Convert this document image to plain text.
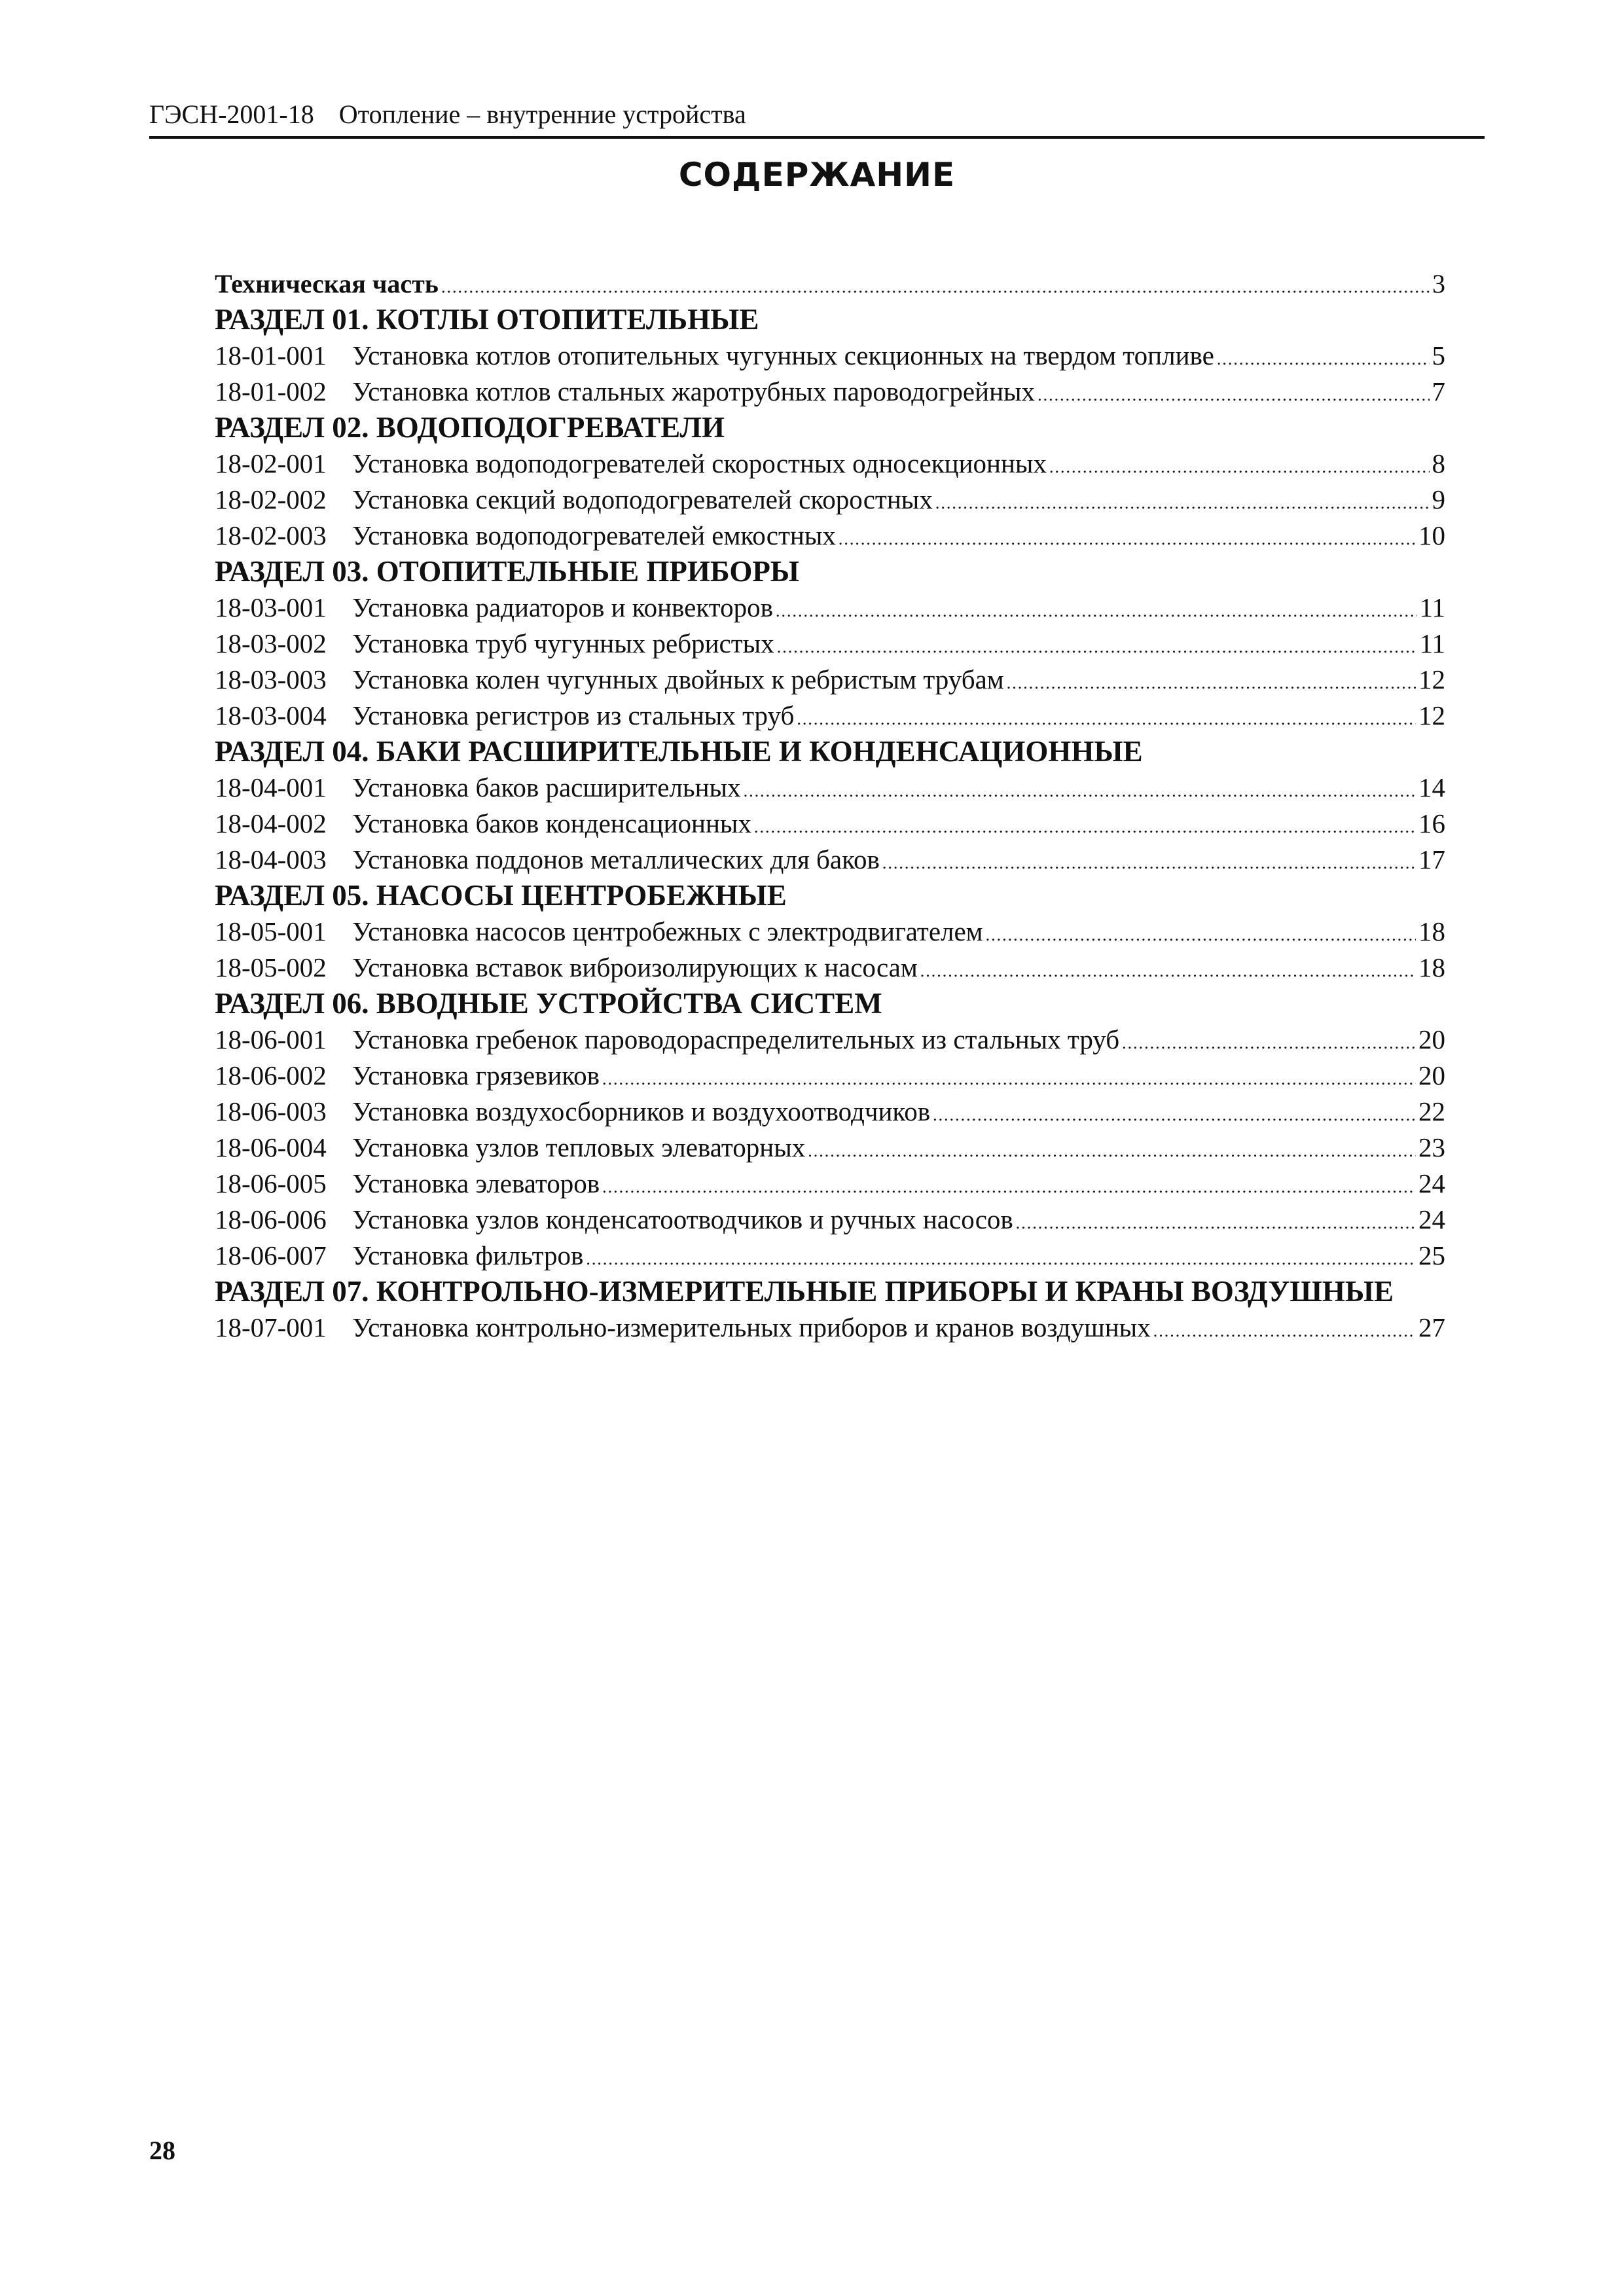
ГЭСН-2001-18 Отопление – внутренние устройства
СОДЕРЖАНИЕ
Техническая часть .....	3
РАЗДЕЛ 01. КОТЛЫ ОТОПИТЕЛЬНЫЕ
18-01-001 Установка котлов отопительных чугунных секционных на твердом топливе .....	5
18-01-002 Установка котлов стальных жаротрубных пароводогрейных .....	7
РАЗДЕЛ 02. ВОДОПОДОГРЕВАТЕЛИ
18-02-001 Установка водоподогревателей скоростных односекционных .....	8
18-02-002 Установка секций водоподогревателей скоростных .....	9
18-02-003 Установка водоподогревателей емкостных .....	10
РАЗДЕЛ 03. ОТОПИТЕЛЬНЫЕ ПРИБОРЫ
18-03-001 Установка радиаторов и конвекторов .....	11
18-03-002 Установка труб чугунных ребристых .....	11
18-03-003 Установка колен чугунных двойных к ребристым трубам .....	12
18-03-004 Установка регистров из стальных труб .....	12
РАЗДЕЛ 04. БАКИ РАСШИРИТЕЛЬНЫЕ И КОНДЕНСАЦИОННЫЕ
18-04-001 Установка баков расширительных .....	14
18-04-002 Установка баков конденсационных .....	16
18-04-003 Установка поддонов металлических для баков .....	17
РАЗДЕЛ 05. НАСОСЫ ЦЕНТРОБЕЖНЫЕ
18-05-001 Установка насосов центробежных с электродвигателем .....	18
18-05-002 Установка вставок виброизолирующих к насосам .....	18
РАЗДЕЛ 06. ВВОДНЫЕ УСТРОЙСТВА СИСТЕМ
18-06-001 Установка гребенок пароводораспределительных из стальных труб .....	20
18-06-002 Установка грязевиков .....	20
18-06-003 Установка воздухосборников и воздухоотводчиков .....	22
18-06-004 Установка узлов тепловых элеваторных .....	23
18-06-005 Установка элеваторов .....	24
18-06-006 Установка узлов конденсатоотводчиков и ручных насосов .....	24
18-06-007 Установка фильтров .....	25
РАЗДЕЛ 07. КОНТРОЛЬНО-ИЗМЕРИТЕЛЬНЫЕ ПРИБОРЫ И КРАНЫ ВОЗДУШНЫЕ
18-07-001 Установка контрольно-измерительных приборов и кранов воздушных .....	27
28
